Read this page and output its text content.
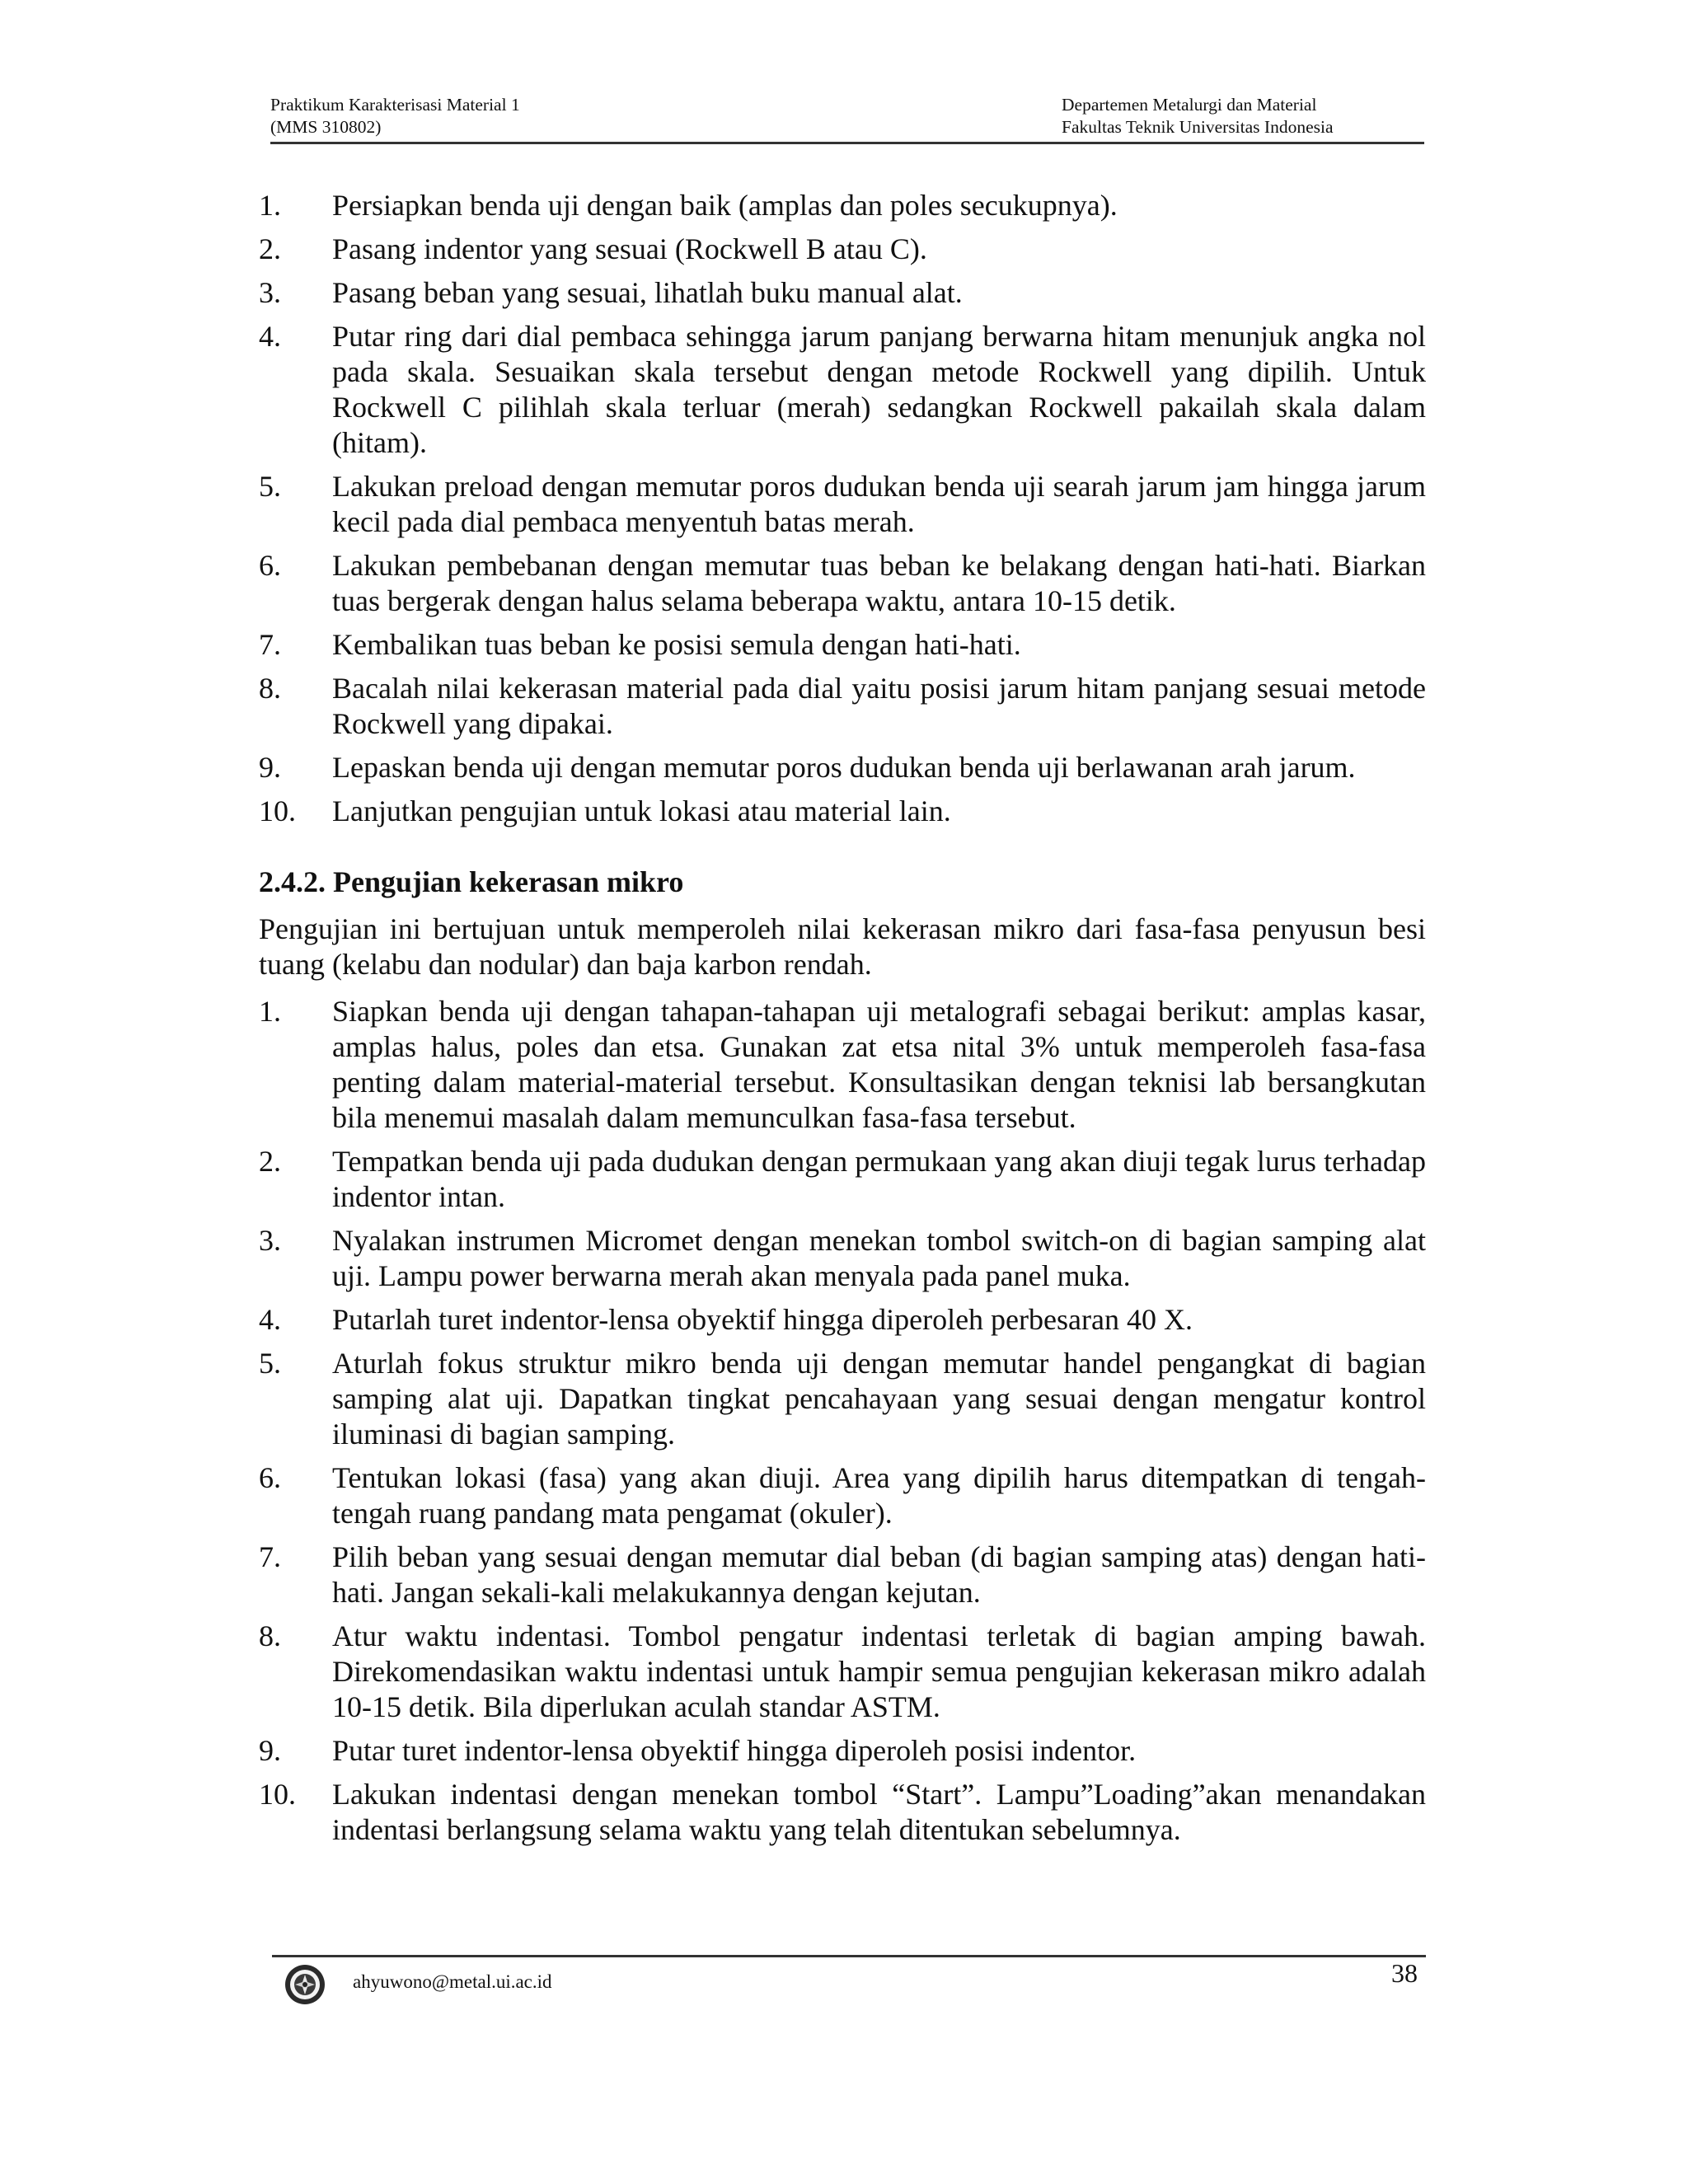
Praktikum Karakterisasi Material 1
(MMS 310802)
Departemen Metalurgi dan Material
Fakultas Teknik Universitas Indonesia
1.	Persiapkan benda uji dengan baik (amplas dan poles secukupnya).
2.	Pasang indentor yang sesuai (Rockwell B atau C).
3.	Pasang beban yang sesuai, lihatlah buku manual alat.
4.	Putar ring dari dial pembaca sehingga jarum panjang berwarna hitam menunjuk angka nol pada skala. Sesuaikan skala tersebut dengan metode Rockwell yang dipilih. Untuk Rockwell C pilihlah skala terluar (merah) sedangkan Rockwell pakailah skala dalam (hitam).
5.	Lakukan preload dengan memutar poros dudukan benda uji searah jarum jam hingga jarum kecil pada dial pembaca menyentuh batas merah.
6.	Lakukan pembebanan dengan memutar tuas beban ke belakang dengan hati-hati. Biarkan tuas bergerak dengan halus selama beberapa waktu, antara 10-15 detik.
7.	Kembalikan tuas beban ke posisi semula dengan hati-hati.
8.	Bacalah nilai kekerasan material pada dial yaitu posisi jarum hitam panjang sesuai metode Rockwell yang dipakai.
9.	Lepaskan benda uji dengan memutar poros dudukan benda uji berlawanan arah jarum.
10.	Lanjutkan pengujian untuk lokasi atau material lain.
2.4.2. Pengujian kekerasan mikro
Pengujian ini bertujuan untuk memperoleh nilai kekerasan mikro dari fasa-fasa penyusun besi tuang (kelabu dan nodular) dan baja karbon rendah.
1.	Siapkan benda uji dengan tahapan-tahapan uji metalografi sebagai berikut: amplas kasar, amplas halus, poles dan etsa. Gunakan zat etsa nital 3% untuk memperoleh fasa-fasa penting dalam material-material tersebut. Konsultasikan dengan teknisi lab bersangkutan bila menemui masalah dalam memunculkan fasa-fasa tersebut.
2.	Tempatkan benda uji pada dudukan dengan permukaan yang akan diuji tegak lurus terhadap indentor intan.
3.	Nyalakan instrumen Micromet dengan menekan tombol switch-on di bagian samping alat uji. Lampu power berwarna merah akan menyala pada panel muka.
4.	Putarlah turet indentor-lensa obyektif hingga diperoleh perbesaran 40 X.
5.	Aturlah fokus struktur mikro benda uji dengan memutar handel pengangkat di bagian samping alat uji. Dapatkan tingkat pencahayaan yang sesuai dengan mengatur kontrol iluminasi di bagian samping.
6.	Tentukan lokasi (fasa) yang akan diuji. Area yang dipilih harus ditempatkan di tengah-tengah ruang pandang mata pengamat (okuler).
7.	Pilih beban yang sesuai dengan memutar dial beban (di bagian samping atas) dengan hati-hati. Jangan sekali-kali melakukannya dengan kejutan.
8.	Atur waktu indentasi. Tombol pengatur indentasi terletak di bagian amping bawah. Direkomendasikan waktu indentasi untuk hampir semua pengujian kekerasan mikro adalah 10-15 detik. Bila diperlukan aculah standar ASTM.
9.	Putar turet indentor-lensa obyektif hingga diperoleh posisi indentor.
10.	Lakukan indentasi dengan menekan tombol “Start”. Lampu”Loading”akan menandakan indentasi berlangsung selama waktu yang telah ditentukan sebelumnya.
ahyuwono@metal.ui.ac.id	38
